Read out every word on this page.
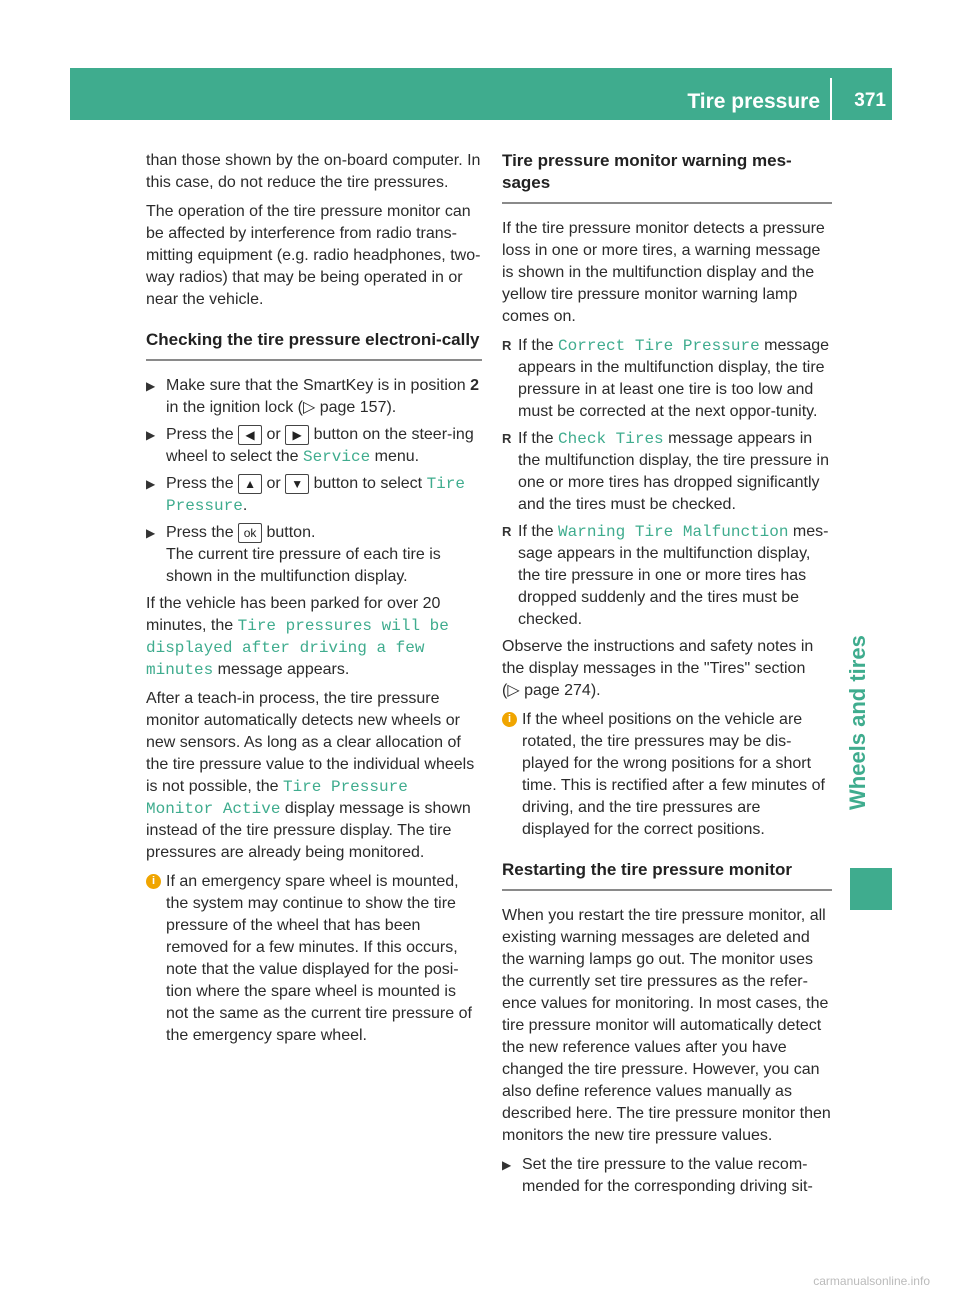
Tire pressure 371
Wheels and tires

than those shown by the on-board computer. In this case, do not reduce the tire pressures.

The operation of the tire pressure monitor can be affected by interference from radio trans-mitting equipment (e.g. radio headphones, two-way radios) that may be being operated in or near the vehicle.

Checking the tire pressure electroni-cally
▶ Make sure that the SmartKey is in position 2 in the ignition lock (▷ page 157).
▶ Press the ◀ or ▶ button on the steer-ing wheel to select the Service menu.
▶ Press the ▲ or ▼ button to select Tire Pressure.
▶ Press the ok button.
The current tire pressure of each tire is shown in the multifunction display.

If the vehicle has been parked for over 20 minutes, the Tire pressures will be displayed after driving a few minutes message appears.

After a teach-in process, the tire pressure monitor automatically detects new wheels or new sensors. As long as a clear allocation of the tire pressure value to the individual wheels is not possible, the Tire Pressure Monitor Active display message is shown instead of the tire pressure display. The tire pressures are already being monitored.

i If an emergency spare wheel is mounted, the system may continue to show the tire pressure of the wheel that has been removed for a few minutes. If this occurs, note that the value displayed for the posi-tion where the spare wheel is mounted is not the same as the current tire pressure of the emergency spare wheel.
Tire pressure monitor warning mes-sages

If the tire pressure monitor detects a pressure loss in one or more tires, a warning message is shown in the multifunction display and the yellow tire pressure monitor warning lamp comes on.

R If the Correct Tire Pressure message appears in the multifunction display, the tire pressure in at least one tire is too low and must be corrected at the next oppor-tunity.
R If the Check Tires message appears in the multifunction display, the tire pressure in one or more tires has dropped significantly and the tires must be checked.
R If the Warning Tire Malfunction mes-sage appears in the multifunction display, the tire pressure in one or more tires has dropped suddenly and the tires must be checked.

Observe the instructions and safety notes in the display messages in the "Tires" section (▷ page 274).

i If the wheel positions on the vehicle are rotated, the tire pressures may be dis-played for the wrong positions for a short time. This is rectified after a few minutes of driving, and the tire pressures are displayed for the correct positions.
Restarting the tire pressure monitor

When you restart the tire pressure monitor, all existing warning messages are deleted and the warning lamps go out. The monitor uses the currently set tire pressures as the refer-ence values for monitoring. In most cases, the tire pressure monitor will automatically detect the new reference values after you have changed the tire pressure. However, you can also define reference values manually as described here. The tire pressure monitor then monitors the new tire pressure values.

▶ Set the tire pressure to the value recom-mended for the corresponding driving sit-
carmanualsonline.info
